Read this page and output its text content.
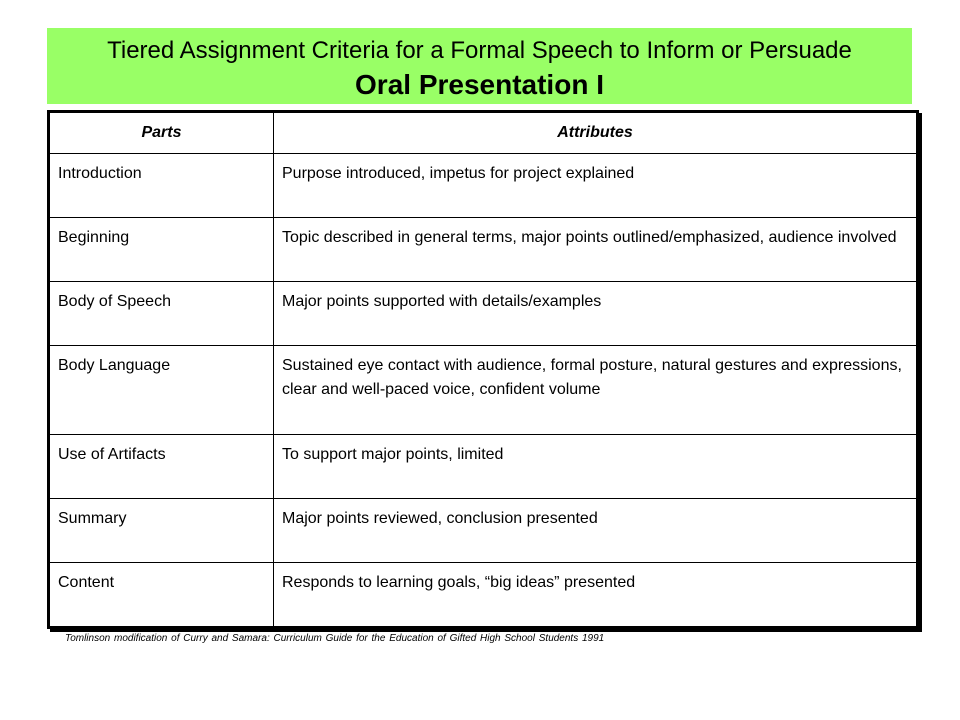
Tiered Assignment Criteria for a Formal Speech to Inform or Persuade
Oral Presentation I
Parts	Attributes
Introduction	Purpose introduced, impetus for project explained
Beginning	Topic described in general terms, major points outlined/emphasized, audience involved
Body of Speech	Major points supported with details/examples
Body Language	Sustained eye contact with audience, formal posture, natural gestures and expressions, clear and well-paced voice, confident volume
Use of Artifacts	To support major points, limited
Summary	Major points reviewed, conclusion presented
Content	Responds to learning goals, “big ideas” presented
Tomlinson modification of Curry and Samara: Curriculum Guide for the Education of Gifted High School Students 1991
